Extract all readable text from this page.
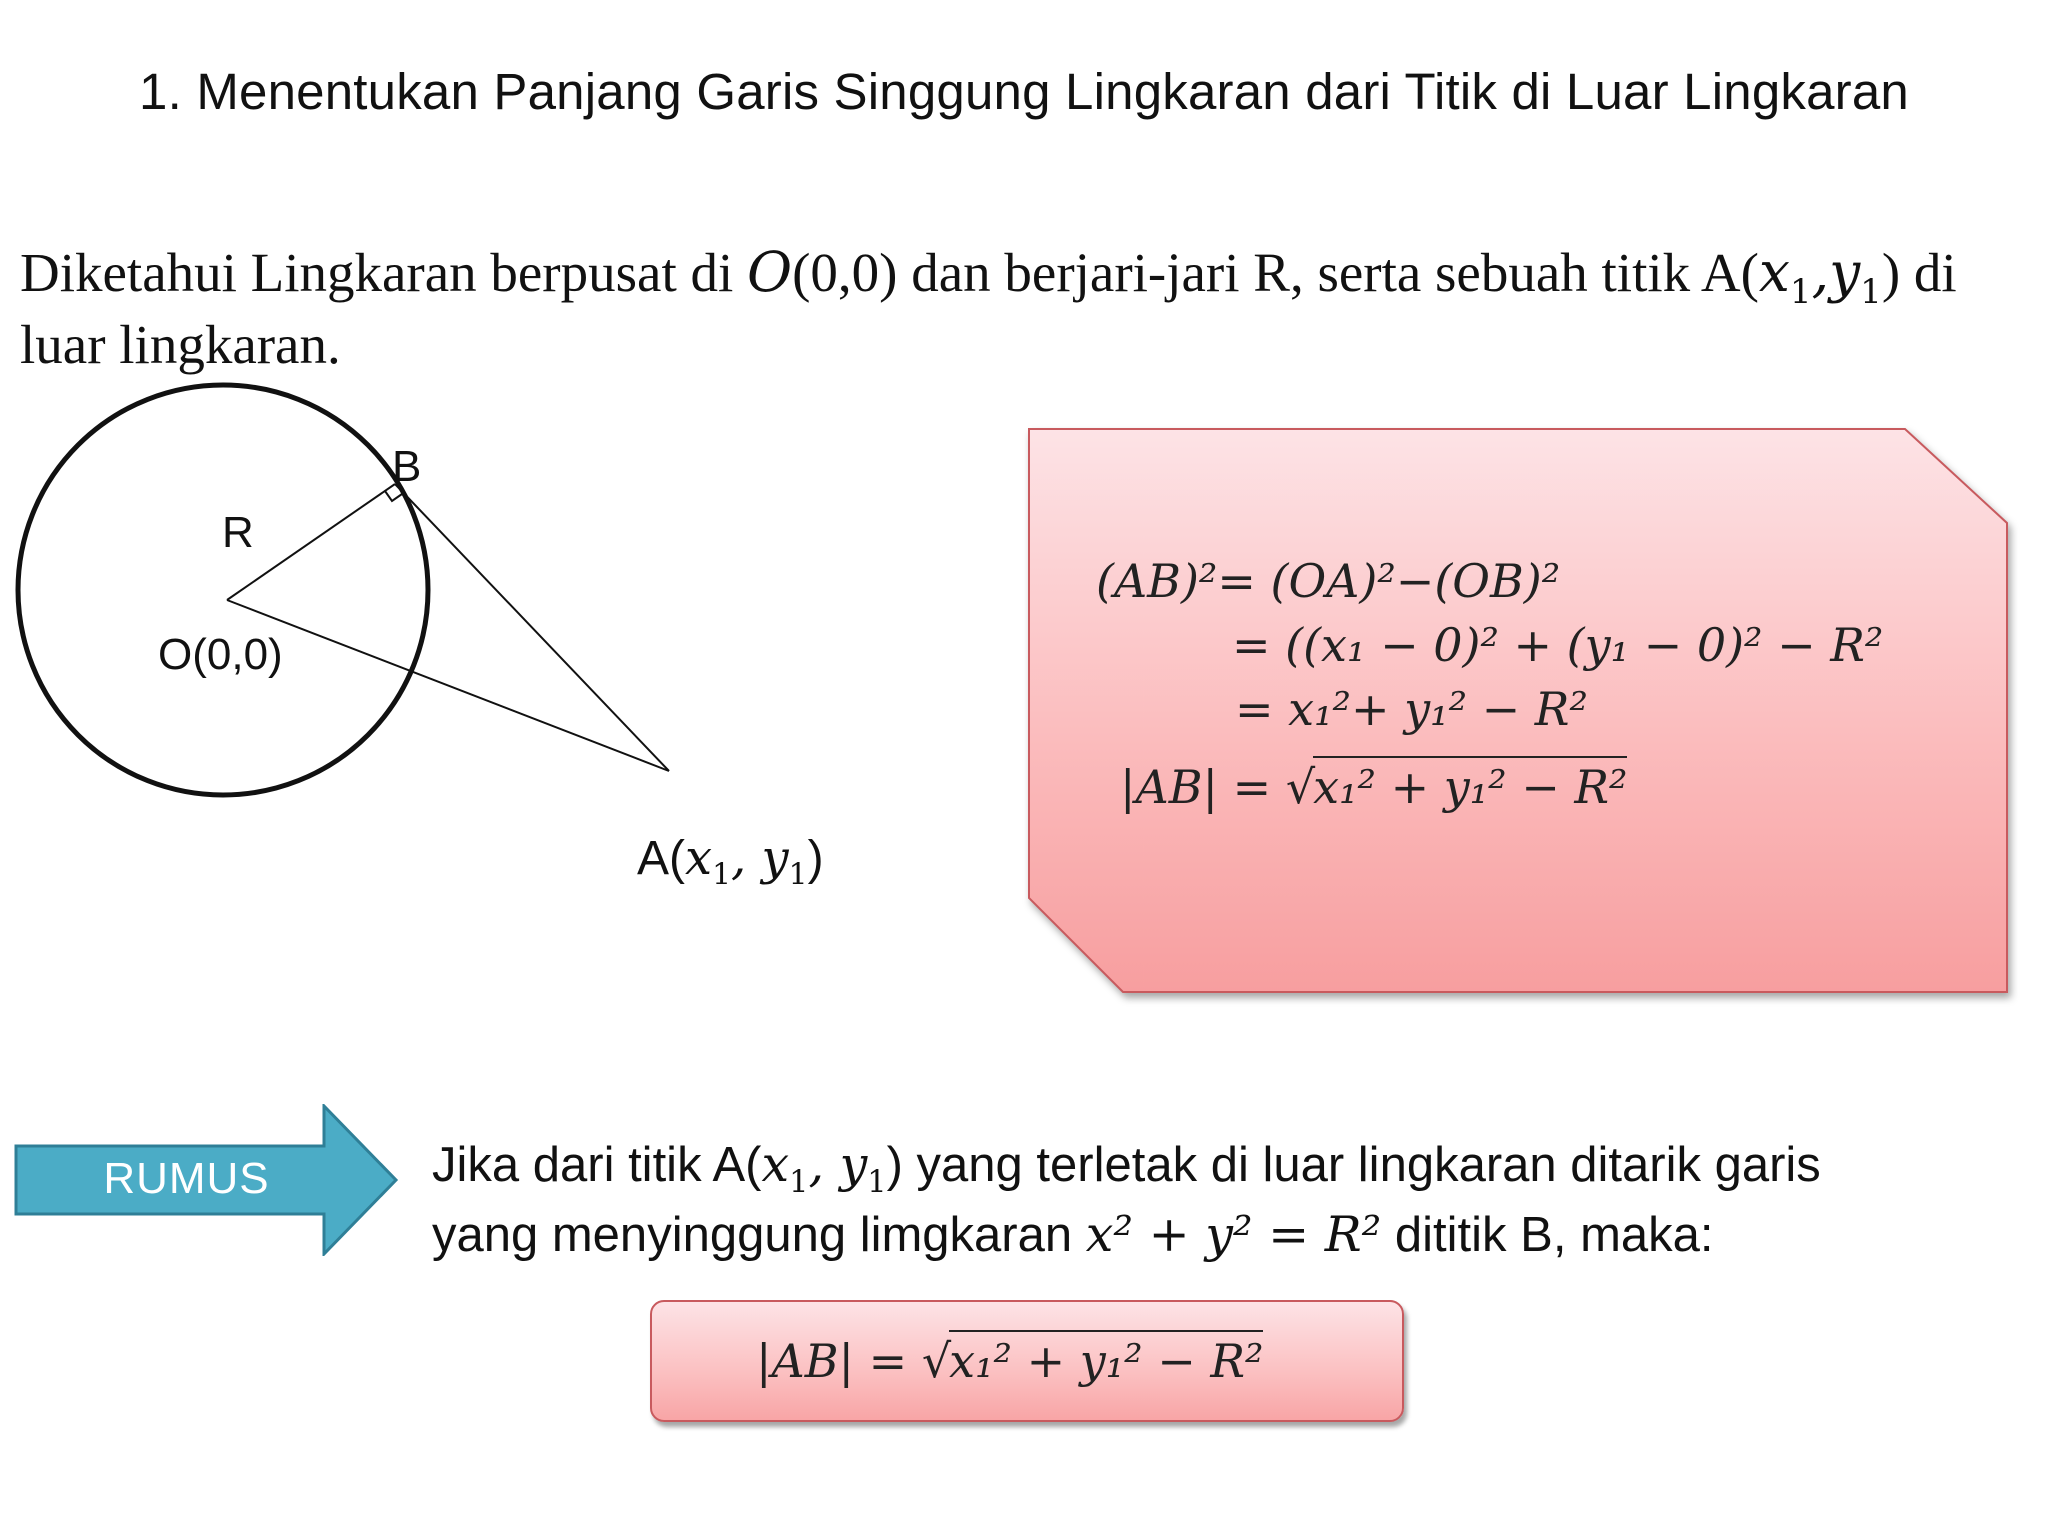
1. Menentukan Panjang Garis Singgung Lingkaran dari Titik di Luar Lingkaran
Diketahui Lingkaran berpusat di O(0,0) dan berjari-jari R, serta sebuah titik $A(x_1,y_1)$ di
luar lingkaran.
B
R
O(0,0)
$A(x_1$, $y_1$)
(AB)²= (OA)²−(OB)²
= ((x₁ − 0)² + (y₁ − 0)² − R²
= x₁²+ y₁² − R²
|AB| = √x₁² + y₁² − R²
RUMUS	Jika dari titik $A(x_1$, $y_1$) yang terletak di luar lingkaran ditarik garis
yang menyinggung limgkaran x² + y² = R² dititik B, maka:
|AB| = √x₁² + y₁² − R²
